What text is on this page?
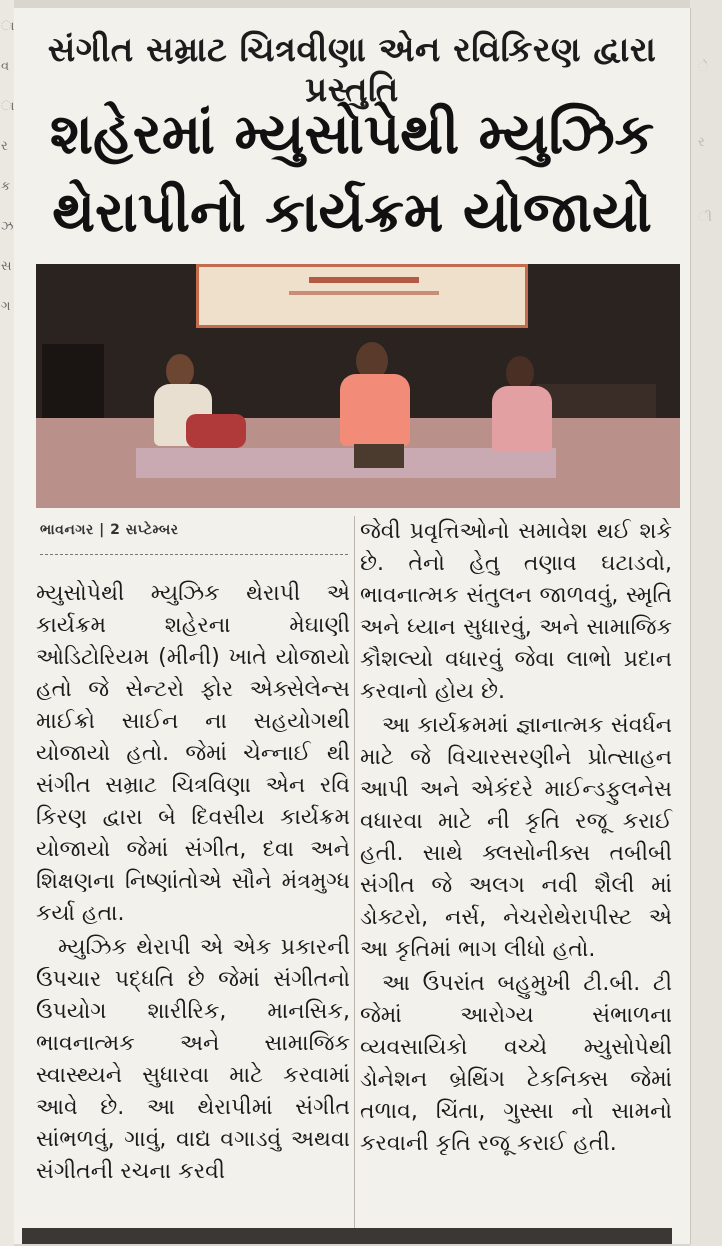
ા
વ
ા
ર
ક
ઝ
સ
ગ
ે
ર
ી
સંગીત સમ્રાટ ચિત્રવીણા એન રવિકિરણ દ્વારા પ્રસ્તુતિ
શહેરમાં મ્યુસોપેથી મ્યુઝિક
થેરાપીનો કાર્યક્રમ યોજાયો
ભાવનગર | 2 સપ્ટેમ્બર

મ્યુસોપેથી મ્યુઝિક થેરાપી એ કાર્યક્રમ શહેરના મેઘાણી ઓડિટોરિયમ (મીની) ખાતે યોજાયો હતો જે સેન્ટરો ફોર એક્સેલેન્સ માઈક્રો સાઈન ના સહયોગથી યોજાયો હતો. જેમાં ચેન્નાઈ થી સંગીત સમ્રાટ ચિત્રવિણા એન રવિ કિરણ દ્વારા બે દિવસીય કાર્યક્રમ યોજાયો જેમાં સંગીત, દવા અને શિક્ષણના નિષ્ણાંતોએ સૌને મંત્રમુગ્ધ કર્યા હતા.

મ્યુઝિક થેરાપી એ એક પ્રકારની ઉપચાર પદ્ધતિ છે જેમાં સંગીતનો ઉપયોગ શારીરિક, માનસિક, ભાવનાત્મક અને સામાજિક સ્વાસ્થ્યને સુધારવા માટે કરવામાં આવે છે. આ થેરાપીમાં સંગીત સાંભળવું, ગાવું, વાદ્ય વગાડવું અથવા સંગીતની રચના કરવી

જેવી પ્રવૃત્તિઓનો સમાવેશ થઈ શકે છે. તેનો હેતુ તણાવ ઘટાડવો, ભાવનાત્મક સંતુલન જાળવવું, સ્મૃતિ અને ધ્યાન સુધારવું, અને સામાજિક કૌશલ્યો વધારવું જેવા લાભો પ્રદાન કરવાનો હોય છે.

આ કાર્યક્રમમાં જ્ઞાનાત્મક સંવર્ધન માટે જે વિચારસરણીને પ્રોત્સાહન આપી અને એકંદરે માઈન્ડફુલનેસ વધારવા માટે ની કૃતિ રજૂ કરાઈ હતી. સાથે ક્લસોનીક્સ તબીબી સંગીત જે અલગ નવી શૈલી માં ડોક્ટરો, નર્સ, નેચરોથેરાપીસ્ટ એ આ કૃતિમાં ભાગ લીધો હતો.

આ ઉપરાંત બહુમુખી ટી.બી. ટી જેમાં આરોગ્ય સંભાળના વ્યવસાયિકો વચ્ચે મ્યુસોપેથી ડોનેશન બ્રેથિંગ ટેકનિક્સ જેમાં તળાવ, ચિંતા, ગુસ્સા નો સામનો કરવાની કૃતિ રજૂ કરાઈ હતી.
